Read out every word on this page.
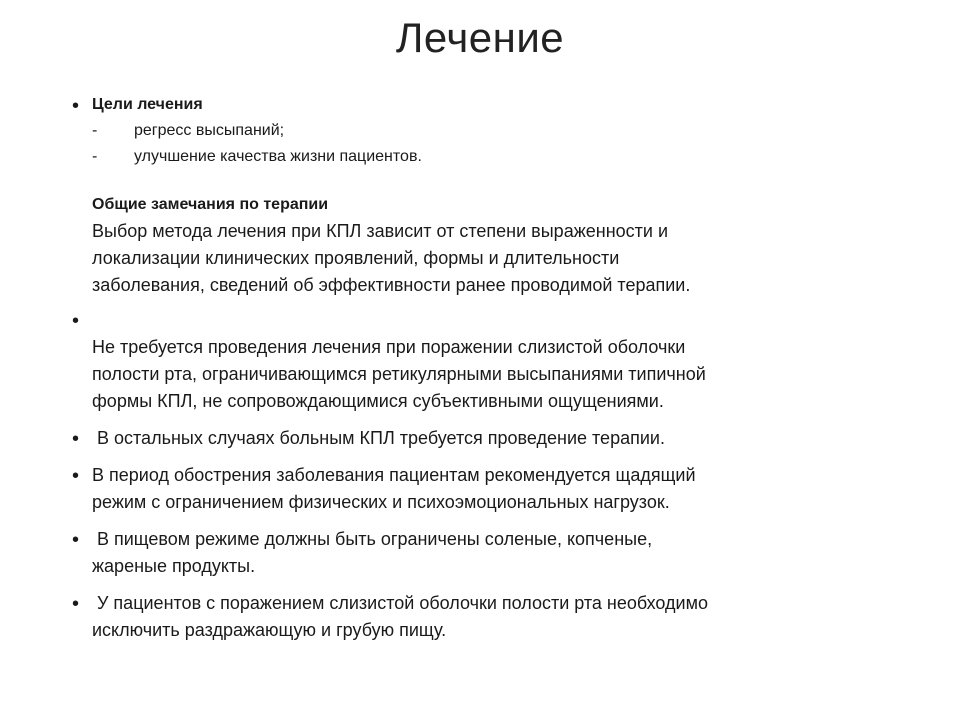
Лечение
• Цели лечения
-	регресс высыпаний;
-	улучшение качества жизни пациентов.
Общие замечания по терапии
Выбор метода лечения при КПЛ зависит от степени выраженности и
локализации клинических проявлений, формы и длительности
заболевания, сведений об эффективности ранее проводимой терапии.
•
Не требуется проведения лечения при поражении слизистой оболочки
полости рта, ограничивающимся ретикулярными высыпаниями типичной
формы КПЛ, не сопровождающимися субъективными ощущениями.
• В остальных случаях больным КПЛ требуется проведение терапии.
• В период обострения заболевания пациентам рекомендуется щадящий
режим с ограничением физических и психоэмоциональных нагрузок.
• В пищевом режиме должны быть ограничены соленые, копченые,
жареные продукты.
• У пациентов с поражением слизистой оболочки полости рта необходимо
исключить раздражающую и грубую пищу.
